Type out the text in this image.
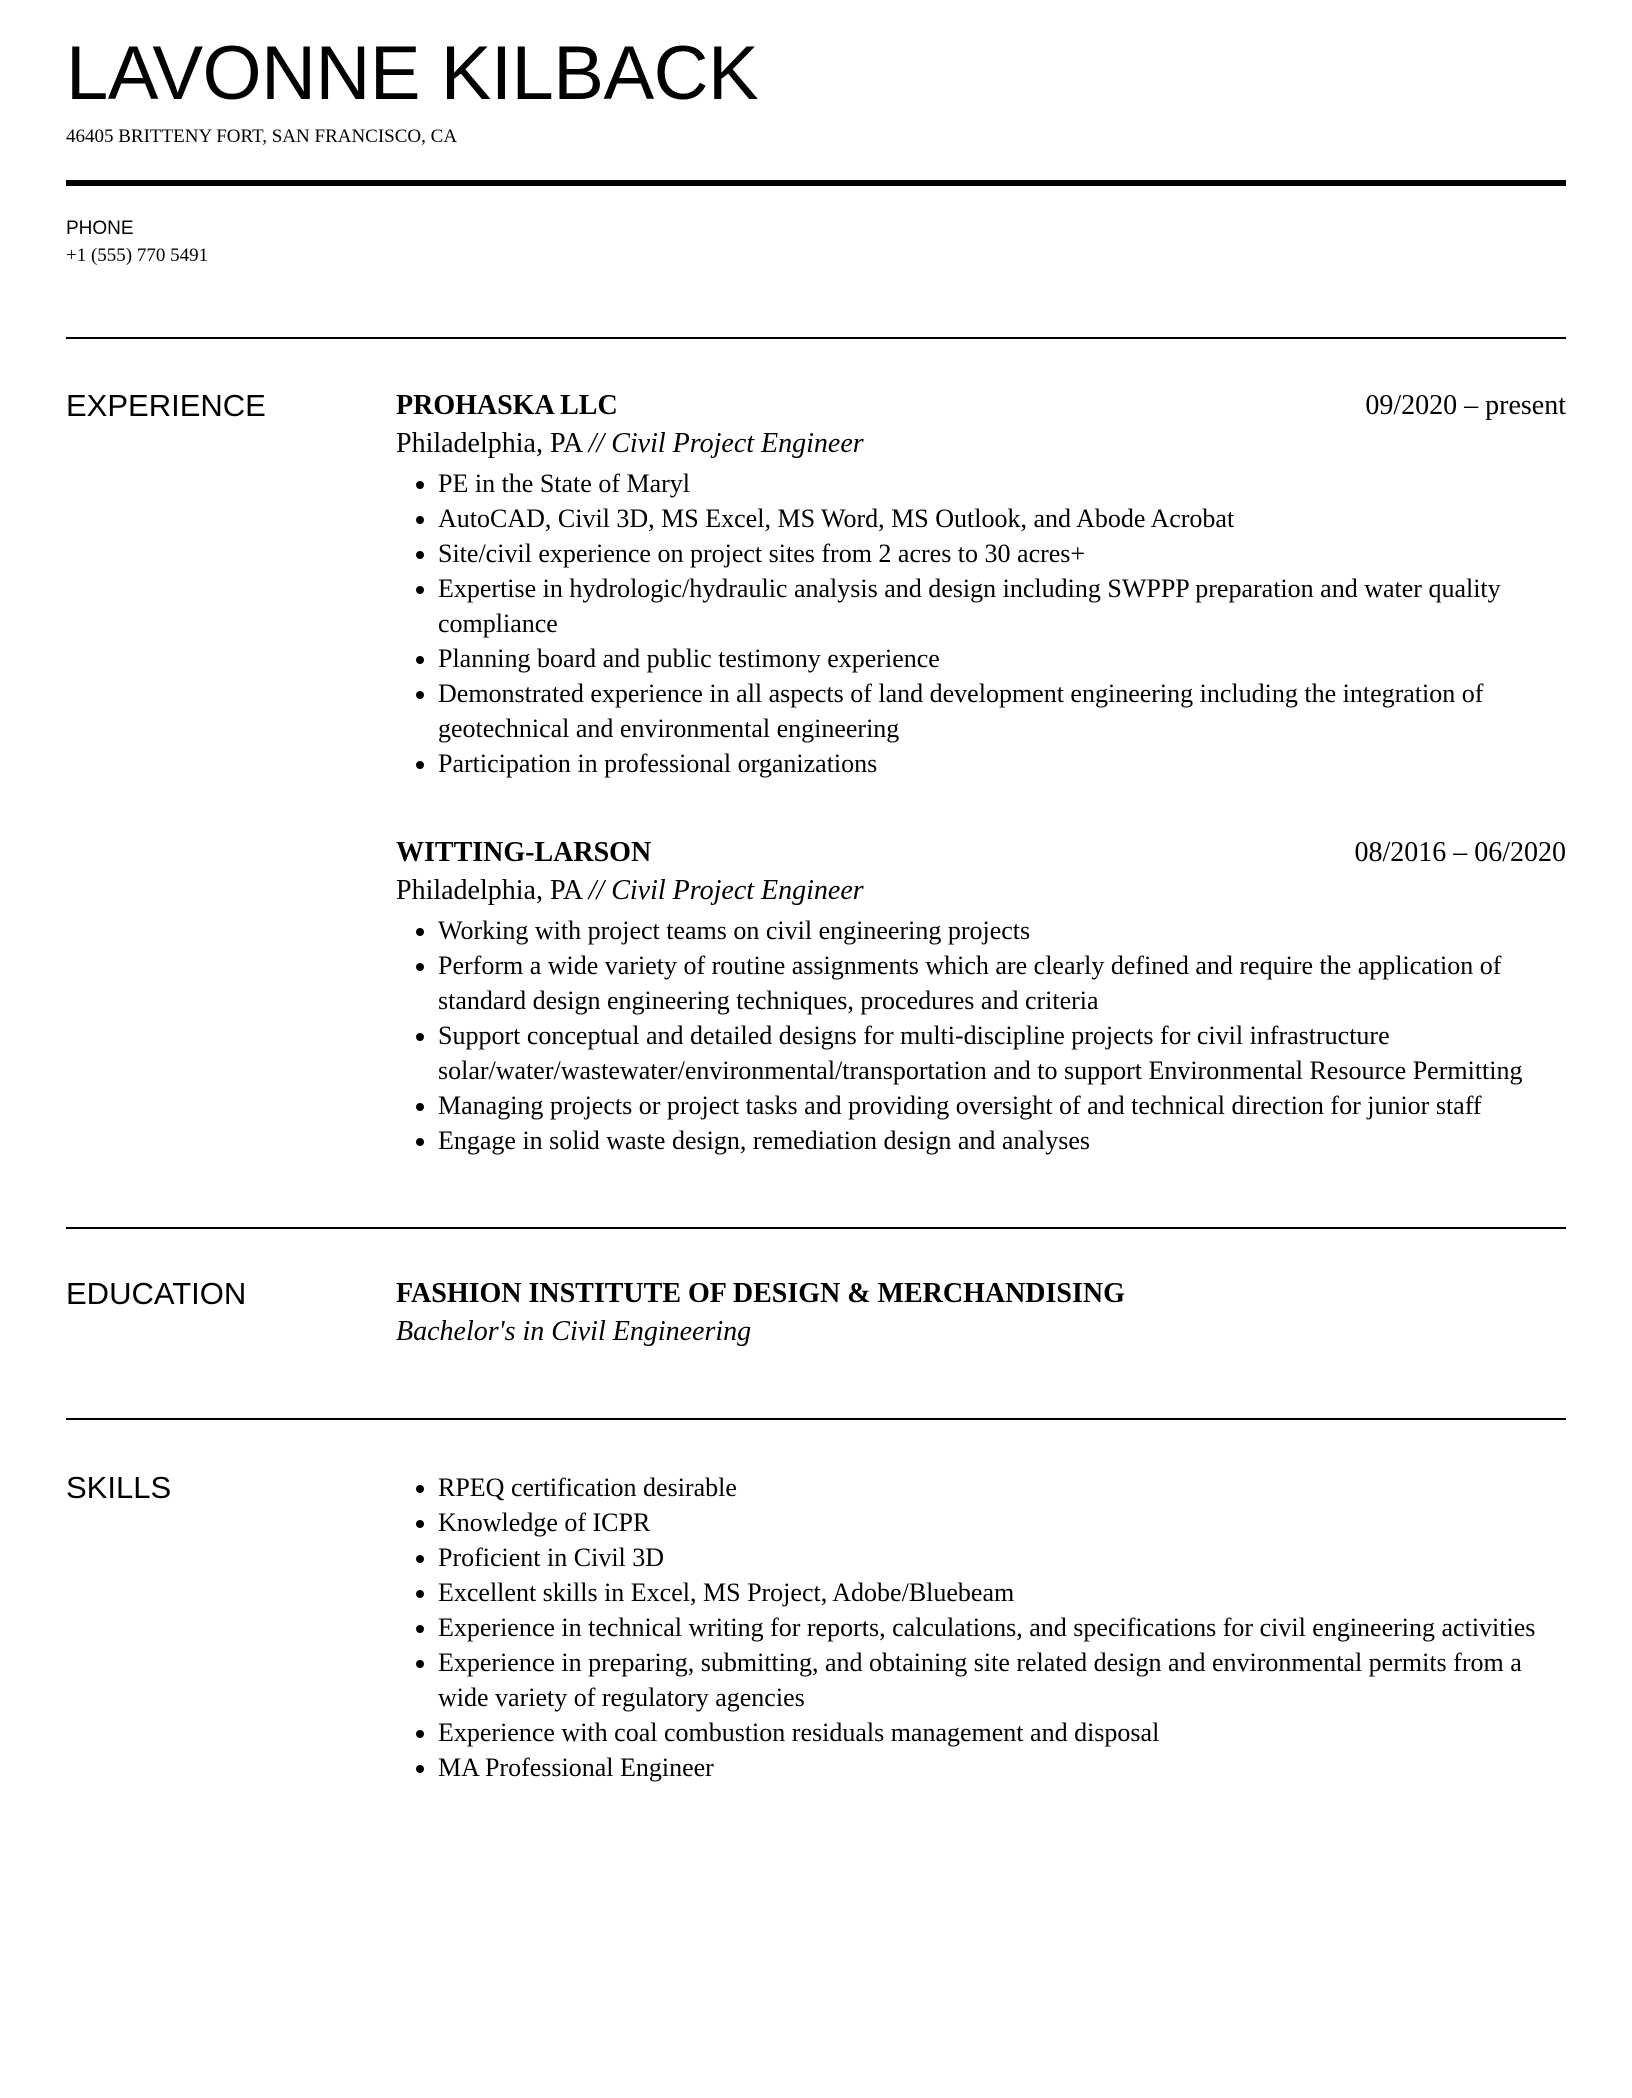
LAVONNE KILBACK
46405 BRITTENY FORT, SAN FRANCISCO, CA
PHONE
+1 (555) 770 5491
EXPERIENCE	PROHASKA LLC	09/2020 – present
Philadelphia, PA // Civil Project Engineer
• PE in the State of Maryl
• AutoCAD, Civil 3D, MS Excel, MS Word, MS Outlook, and Abode Acrobat
• Site/civil experience on project sites from 2 acres to 30 acres+
• Expertise in hydrologic/hydraulic analysis and design including SWPPP preparation and water quality compliance
• Planning board and public testimony experience
• Demonstrated experience in all aspects of land development engineering including the integration of geotechnical and environmental engineering
• Participation in professional organizations
WITTING-LARSON	08/2016 – 06/2020
Philadelphia, PA // Civil Project Engineer
• Working with project teams on civil engineering projects
• Perform a wide variety of routine assignments which are clearly defined and require the application of standard design engineering techniques, procedures and criteria
• Support conceptual and detailed designs for multi-discipline projects for civil infrastructure solar/water/wastewater/environmental/transportation and to support Environmental Resource Permitting
• Managing projects or project tasks and providing oversight of and technical direction for junior staff
• Engage in solid waste design, remediation design and analyses
EDUCATION	FASHION INSTITUTE OF DESIGN & MERCHANDISING
Bachelor's in Civil Engineering
SKILLS
•	RPEQ certification desirable
• Knowledge of ICPR
• Proficient in Civil 3D
• Excellent skills in Excel, MS Project, Adobe/Bluebeam
• Experience in technical writing for reports, calculations, and specifications for civil engineering activities
• Experience in preparing, submitting, and obtaining site related design and environmental permits from a wide variety of regulatory agencies
• Experience with coal combustion residuals management and disposal
• MA Professional Engineer
